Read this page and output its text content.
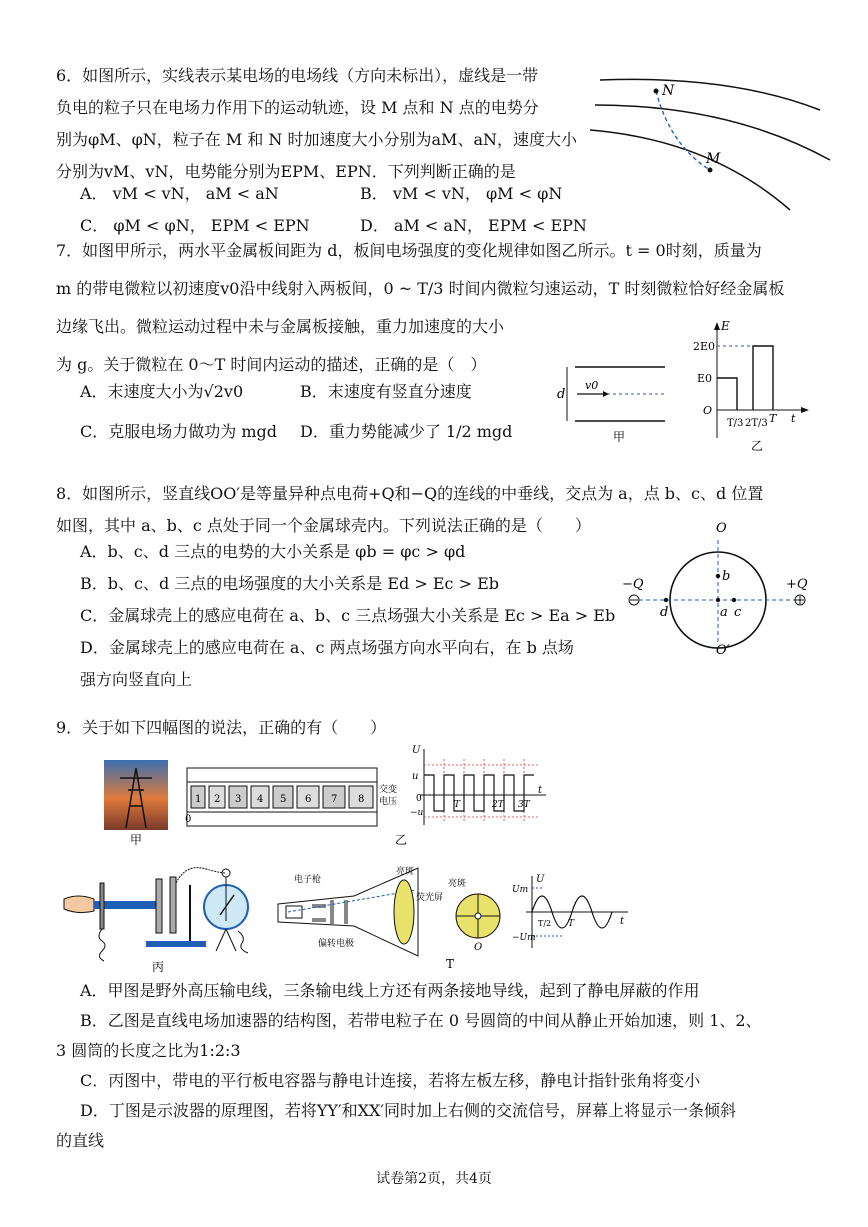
6．如图所示，实线表示某电场的电场线（方向未标出），虚线是一带
负电的粒子只在电场力作用下的运动轨迹，设 M 点和 N 点的电势分
别为φM、φN，粒子在 M 和 N 时加速度大小分别为aM、aN，速度大小
分别为vM、vN，电势能分别为EPM、EPN．下列判断正确的是
A． vM < vN， aM < aN	B． vM < vN， φM < φN
C． φM < φN， EPM < EPN	D． aM < aN， EPM < EPN
N
M
7．如图甲所示，两水平金属板间距为 d，板间电场强度的变化规律如图乙所示。t = 0时刻，质量为
m 的带电微粒以初速度v0沿中线射入两板间，0 ~ T/3 时间内微粒匀速运动，T 时刻微粒恰好经金属板
边缘飞出。微粒运动过程中未与金属板接触，重力加速度的大小
为 g。关于微粒在 0～T 时间内运动的描述，正确的是（　）
A．末速度大小为√2v0	B．末速度有竖直分速度
C．克服电场力做功为 mgd D．重力势能减少了 1/2 mgd
d
v0
甲
E
2E0
E0
O
T/3 2T/3 T t
乙
8．如图所示，竖直线OO′是等量异种点电荷+Q和−Q的连线的中垂线，交点为 a，点 b、c、d 位置
如图，其中 a、b、c 点处于同一个金属球壳内。下列说法正确的是（　　）
A．b、c、d 三点的电势的大小关系是 φb = φc > φd
B．b、c、d 三点的电场强度的大小关系是 Ed > Ec > Eb
C．金属球壳上的感应电荷在 a、b、c 三点场强大小关系是 Ec > Ea > Eb
D．金属球壳上的感应电荷在 a、c 两点场强方向水平向右，在 b 点场
强方向竖直向上
O
O′
−Q	+Q
b
a c
d
9．关于如下四幅图的说法，正确的有（　　）
甲
1 2 3 4 5 6 7 8
0
交变
电压
乙
U
u
−u
0
T	2T 3T
t
丙
电子枪
荧光屏
偏转电极
亮斑
亮斑
O
T
U
Um
−Um
T/2 T	t
A．甲图是野外高压输电线，三条输电线上方还有两条接地导线，起到了静电屏蔽的作用
B．乙图是直线电场加速器的结构图，若带电粒子在 0 号圆筒的中间从静止开始加速，则 1、2、
3 圆筒的长度之比为1:2:3
C．丙图中，带电的平行板电容器与静电计连接，若将左板左移，静电计指针张角将变小
D．丁图是示波器的原理图，若将YY′和XX′同时加上右侧的交流信号，屏幕上将显示一条倾斜
的直线
试卷第2页，共4页
